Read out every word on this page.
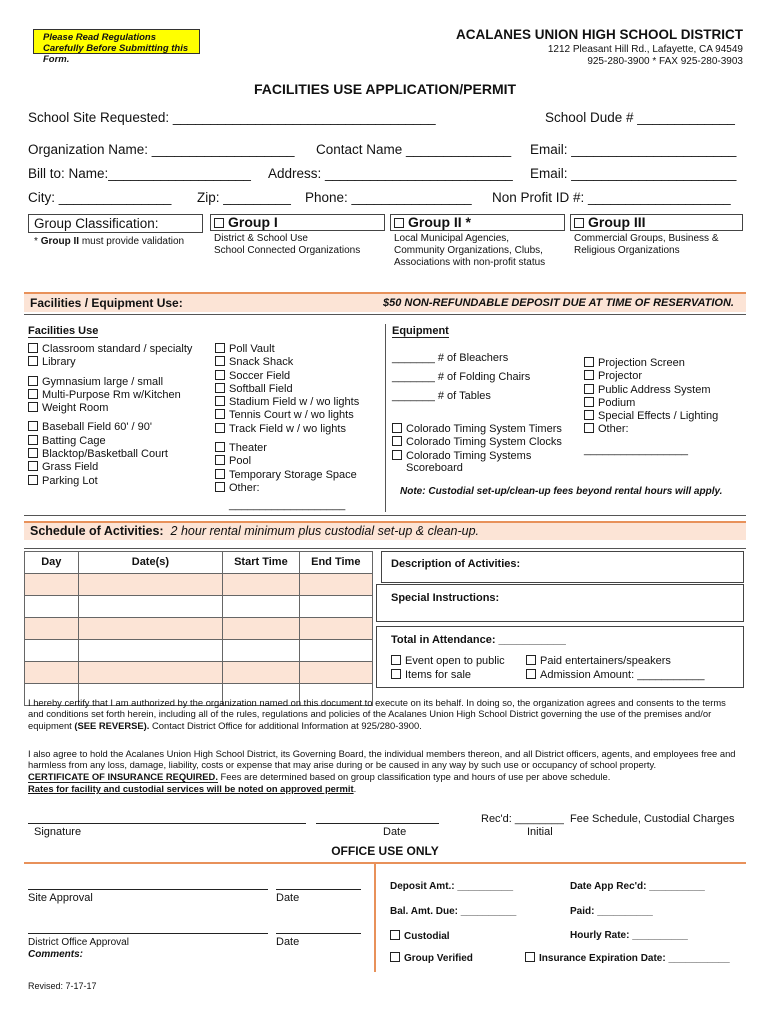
Please Read Regulations Carefully Before Submitting this Form.
ACALANES UNION HIGH SCHOOL DISTRICT
1212 Pleasant Hill Rd., Lafayette, CA 94549
925-280-3900 * FAX 925-280-3903
FACILITIES USE APPLICATION/PERMIT
School Site Requested: ___________________________________	School Dude # _____________
Organization Name: ___________________ Contact Name ______________ Email: ______________________
Bill to: Name:___________________ Address: _________________________ Email: ______________________
City: _______________ Zip: _________ Phone: ________________ Non Profit ID #: ___________________
Group Classification:
* Group II must provide validation
Group I
District & School Use
School Connected Organizations
Group II *
Local Municipal Agencies,
Community Organizations, Clubs,
Associations with non-profit status
Group III
Commercial Groups, Business &
Religious Organizations
Facilities / Equipment Use:	$50 NON-REFUNDABLE DEPOSIT DUE AT TIME OF RESERVATION.
Facilities Use
Classroom standard / specialty
Library
Gymnasium large / small
Multi-Purpose Rm w/Kitchen
Weight Room
Baseball Field 60' / 90'
Batting Cage
Blacktop/Basketball Court
Grass Field
Parking Lot
Poll Vault
Snack Shack
Soccer Field
Softball Field
Stadium Field w / wo lights
Tennis Court w / wo lights
Track Field w / wo lights
Theater
Pool
Temporary Storage Space
Other:
___________________
Equipment
_______ # of Bleachers
_______ # of Folding Chairs
_______ # of Tables
Colorado Timing System Timers
Colorado Timing System Clocks
Colorado Timing Systems
Scoreboard
Projection Screen
Projector
Public Address System
Podium
Special Effects / Lighting
Other:
_________________
Note: Custodial set-up/clean-up fees beyond rental hours will apply.
Schedule of Activities: 2 hour rental minimum plus custodial set-up & clean-up.
Day	Date(s)	Start Time	End Time

				Description of Activities:
Special Instructions:
Total in Attendance: ___________
Event open to public
Items for sale
Paid entertainers/speakers
Admission Amount: ___________
I hereby certify that I am authorized by the organization named on this document to execute on its behalf. In doing so, the organization agrees and consents to the terms and conditions set forth herein, including all of the rules, regulations and policies of the Acalanes Union High School District governing the use of the premises and/or equipment (SEE REVERSE). Contact District Office for additional Information at 925/280-3900.
I also agree to hold the Acalanes Union High School District, its Governing Board, the individual members thereon, and all District officers, agents, and employees free and harmless from any loss, damage, liability, costs or expense that may arise during or be caused in any way by such use or occupancy of school property. CERTIFICATE OF INSURANCE REQUIRED. Fees are determined based on group classification type and hours of use per above schedule.
Rates for facility and custodial services will be noted on approved permit.
Signature	Date
Rec'd: ________
Initial
Fee Schedule, Custodial Charges
OFFICE USE ONLY
Site Approval	Date
District Office Approval	Date
Comments:
Deposit Amt.: __________	Date App Rec'd: __________
Bal. Amt. Due: __________	Paid: __________
Custodial	Hourly Rate: __________
Group Verified	Insurance Expiration Date: ___________
Revised: 7-17-17
